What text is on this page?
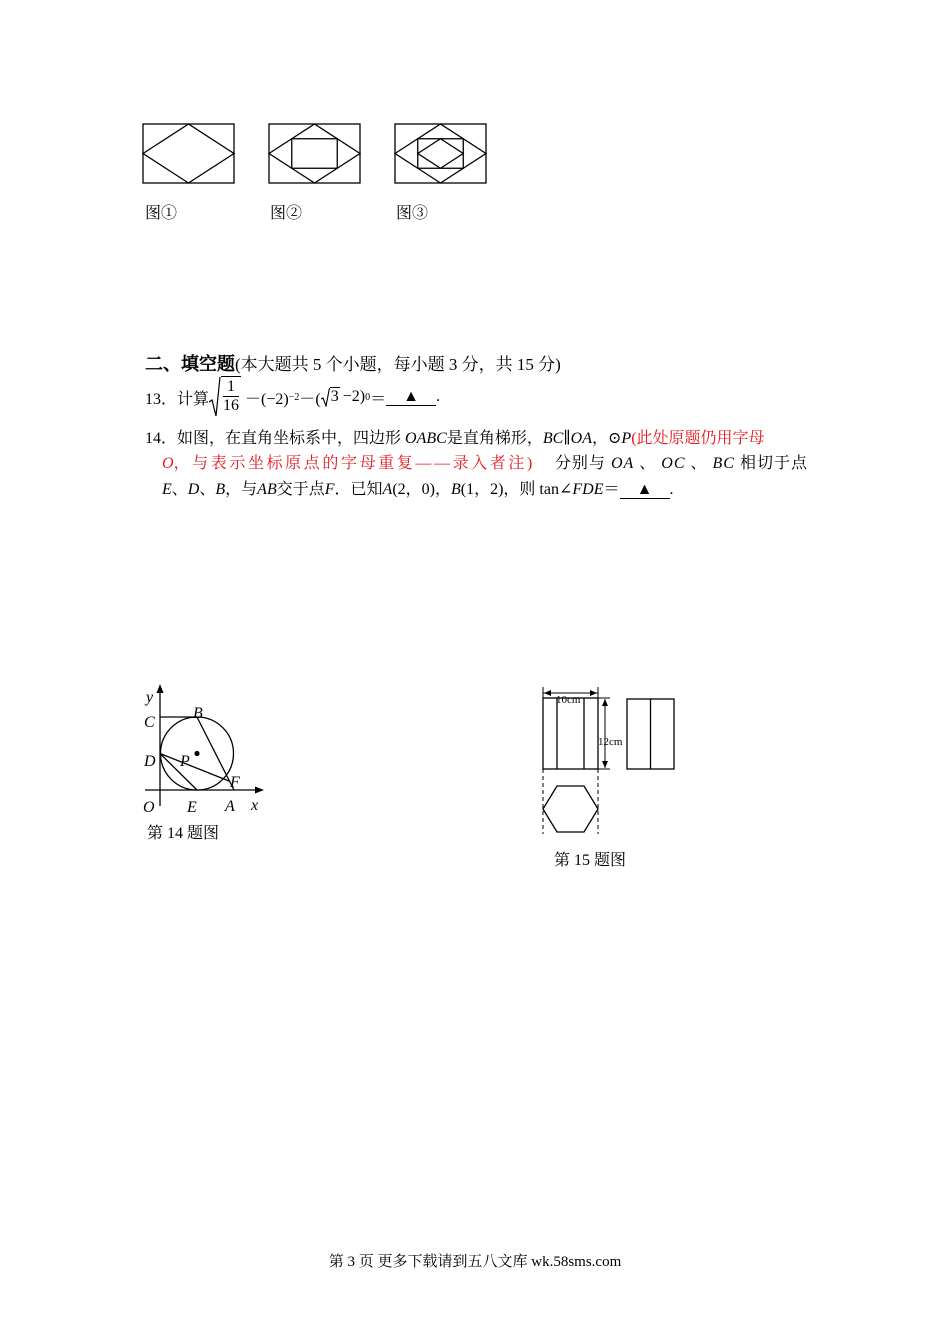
图①	图②	图③
二、填空题(本大题共 5 个小题，每小题 3 分，共 15 分)
13． 计算 $\frac{1}{16} -(-2) -2$ －( 3 −2) 0 ＝	▲	.
14．如图，在直角坐标系中，四边形 OABC是直角梯形，BC∥OA，⊙P(此处原题仍用字母
O，与表示坐标原点的字母重复——录入者注) 分别与 OA 、 OC 、 BC 相切于点
E、D、B，与AB交于点F．已知A(2，0)，B(1，2)，则 tan∠FDE＝ ▲ .
y
C
B
D P
F
O E A x
第 14 题图
10cm
12cm
第 15 题图
第 3 页 更多下载请到五八文库 wk.58sms.com
